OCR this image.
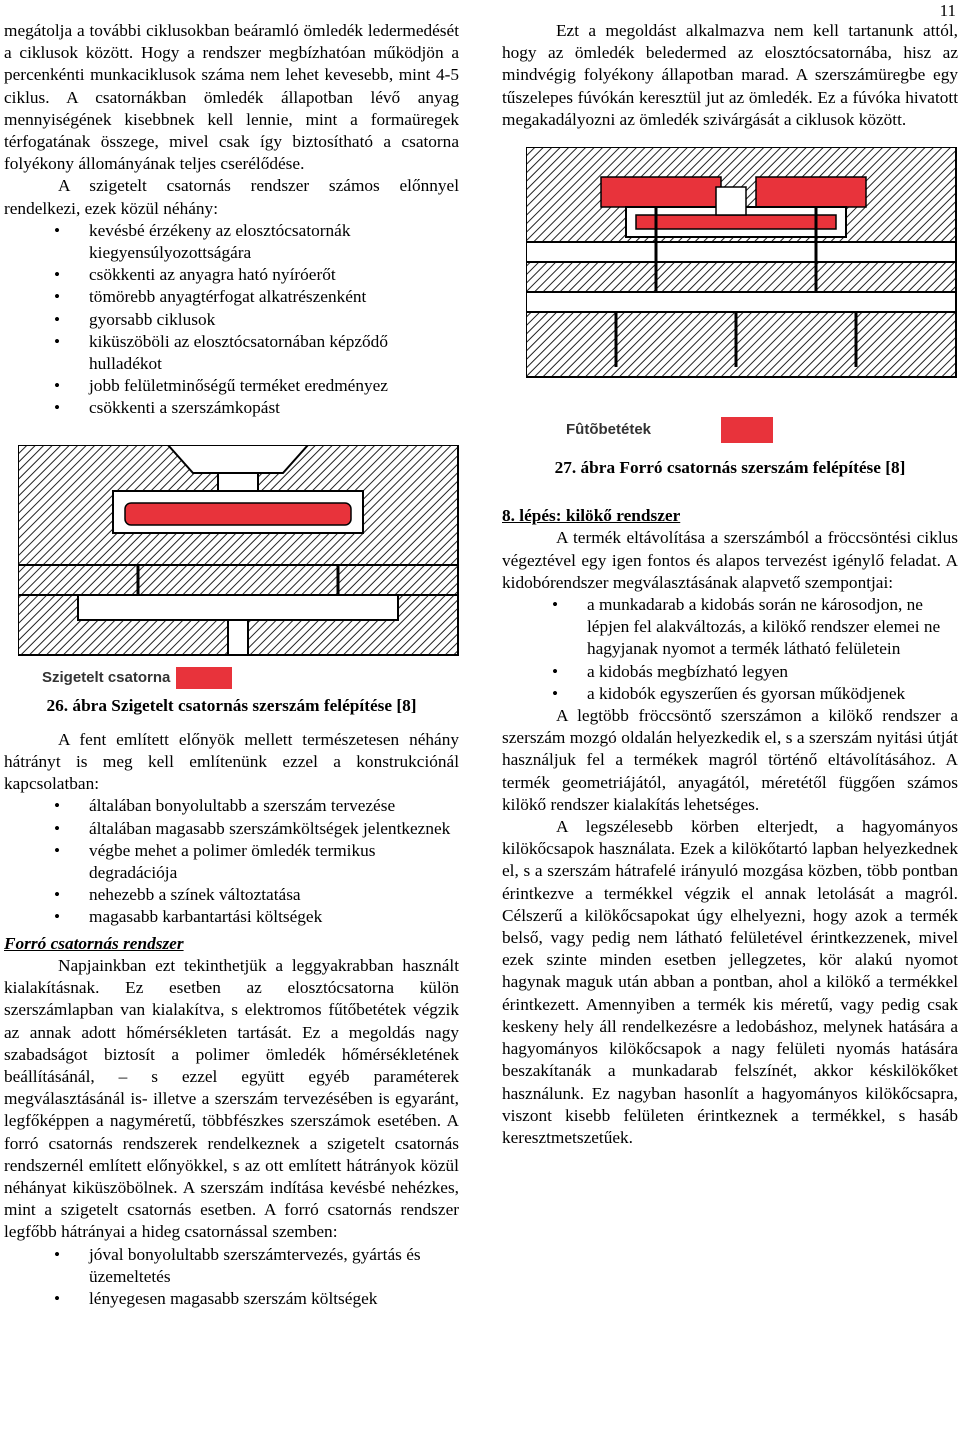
11

megátolja a további ciklusokban beáramló ömledék ledermedését a ciklusok között. Hogy a rendszer megbízhatóan működjön a percenkénti munkaciklusok száma nem lehet kevesebb, mint 4-5 ciklus. A csatornákban ömledék állapotban lévő anyag mennyiségének kisebbnek kell lennie, mint a formaüregek térfogatának összege, mivel csak így biztosítható a csatorna folyékony állományának teljes cserélődése.

A szigetelt csatornás rendszer számos előnnyel rendelkezi, ezek közül néhány:

• kevésbé érzékeny az elosztócsatornák kiegyensúlyozottságára
• csökkenti az anyagra ható nyíróerőt
• tömörebb anyagtérfogat alkatrészenként
• gyorsabb ciklusok
• kiküszöböli az elosztócsatornában képződő hulladékot
• jobb felületminőségű terméket eredményez
• csökkenti a szerszámkopást
Szigetelt csatorna

26. ábra Szigetelt csatornás szerszám felépítése [8]

A fent említett előnyök mellett természetesen néhány hátrányt is meg kell említenünk ezzel a konstrukciónál kapcsolatban:

• általában bonyolultabb a szerszám tervezése
• általában magasabb szerszámköltségek jelentkeznek
• végbe mehet a polimer ömledék termikus degradációja
• nehezebb a színek változtatása
• magasabb karbantartási költségek

Forró csatornás rendszer

Napjainkban ezt tekinthetjük a leggyakrabban használt kialakításnak. Ez esetben az elosztócsatorna külön szerszámlapban van kialakítva, s elektromos fűtőbetétek végzik az annak adott hőmérsékleten tartását. Ez a megoldás nagy szabadságot biztosít a polimer ömledék hőmérsékletének beállításánál, – s ezzel együtt egyéb paraméterek megválasztásánál is- illetve a szerszám tervezésében is egyaránt, legfőképpen a nagyméretű, többfészkes szerszámok esetében. A forró csatornás rendszerek rendelkeznek a szigetelt csatornás rendszernél említett előnyökkel, s az ott említett hátrányok közül néhányat kiküszöbölnek. A szerszám indítása kevésbé nehézkes, mint a szigetelt csatornás esetben. A forró csatornás rendszer legfőbb hátrányai a hideg csatornással szemben:

• jóval bonyolultabb szerszámtervezés, gyártás és üzemeltetés
• lényegesen magasabb szerszám költségek

Ezt a megoldást alkalmazva nem kell tartanunk attól, hogy az ömledék beledermed az elosztócsatornába, hisz az mindvégig folyékony állapotban marad. A szerszámüregbe egy tűszelepes fúvókán keresztül jut az ömledék. Ez a fúvóka hivatott megakadályozni az ömledék szivárgását a ciklusok között.

Fûtõbetétek

27. ábra Forró csatornás szerszám felépítése [8]

8. lépés: kilökő rendszer

A termék eltávolítása a szerszámból a fröccsöntési ciklus végeztével egy igen fontos és alapos tervezést igénylő feladat. A kidobórendszer megválasztásának alapvető szempontjai:

• a munkadarab a kidobás során ne károsodjon, ne lépjen fel alakváltozás, a kilökő rendszer elemei ne hagyjanak nyomot a termék látható felületein
• a kidobás megbízható legyen
• a kidobók egyszerűen és gyorsan működjenek

A legtöbb fröccsöntő szerszámon a kilökő rendszer a szerszám mozgó oldalán helyezkedik el, s a szerszám nyitási útját használjuk fel a termékek magról történő eltávolításához. A termék geometriájától, anyagától, méretétől függően számos kilökő rendszer kialakítás lehetséges.

A legszélesebb körben elterjedt, a hagyományos kilökőcsapok használata. Ezek a kilökőtartó lapban helyezkednek el, s a szerszám hátrafelé irányuló mozgása közben, több pontban érintkezve a termékkel végzik el annak letolását a magról. Célszerű a kilökőcsapokat úgy elhelyezni, hogy azok a termék belső, vagy pedig nem látható felületével érintkezzenek, mivel ezek szinte minden esetben jellegzetes, kör alakú nyomot hagynak maguk után abban a pontban, ahol a kilökő a termékkel érintkezett. Amennyiben a termék kis méretű, vagy pedig csak keskeny hely áll rendelkezésre a ledobáshoz, melynek hatására a hagyományos kilökőcsapok a nagy felületi nyomás hatására beszakítanák a munkadarab felszínét, akkor késkilökőket használunk. Ez nagyban hasonlít a hagyományos kilökőcsapra, viszont kisebb felületen érintkeznek a termékkel, s hasáb keresztmetszetűek.
